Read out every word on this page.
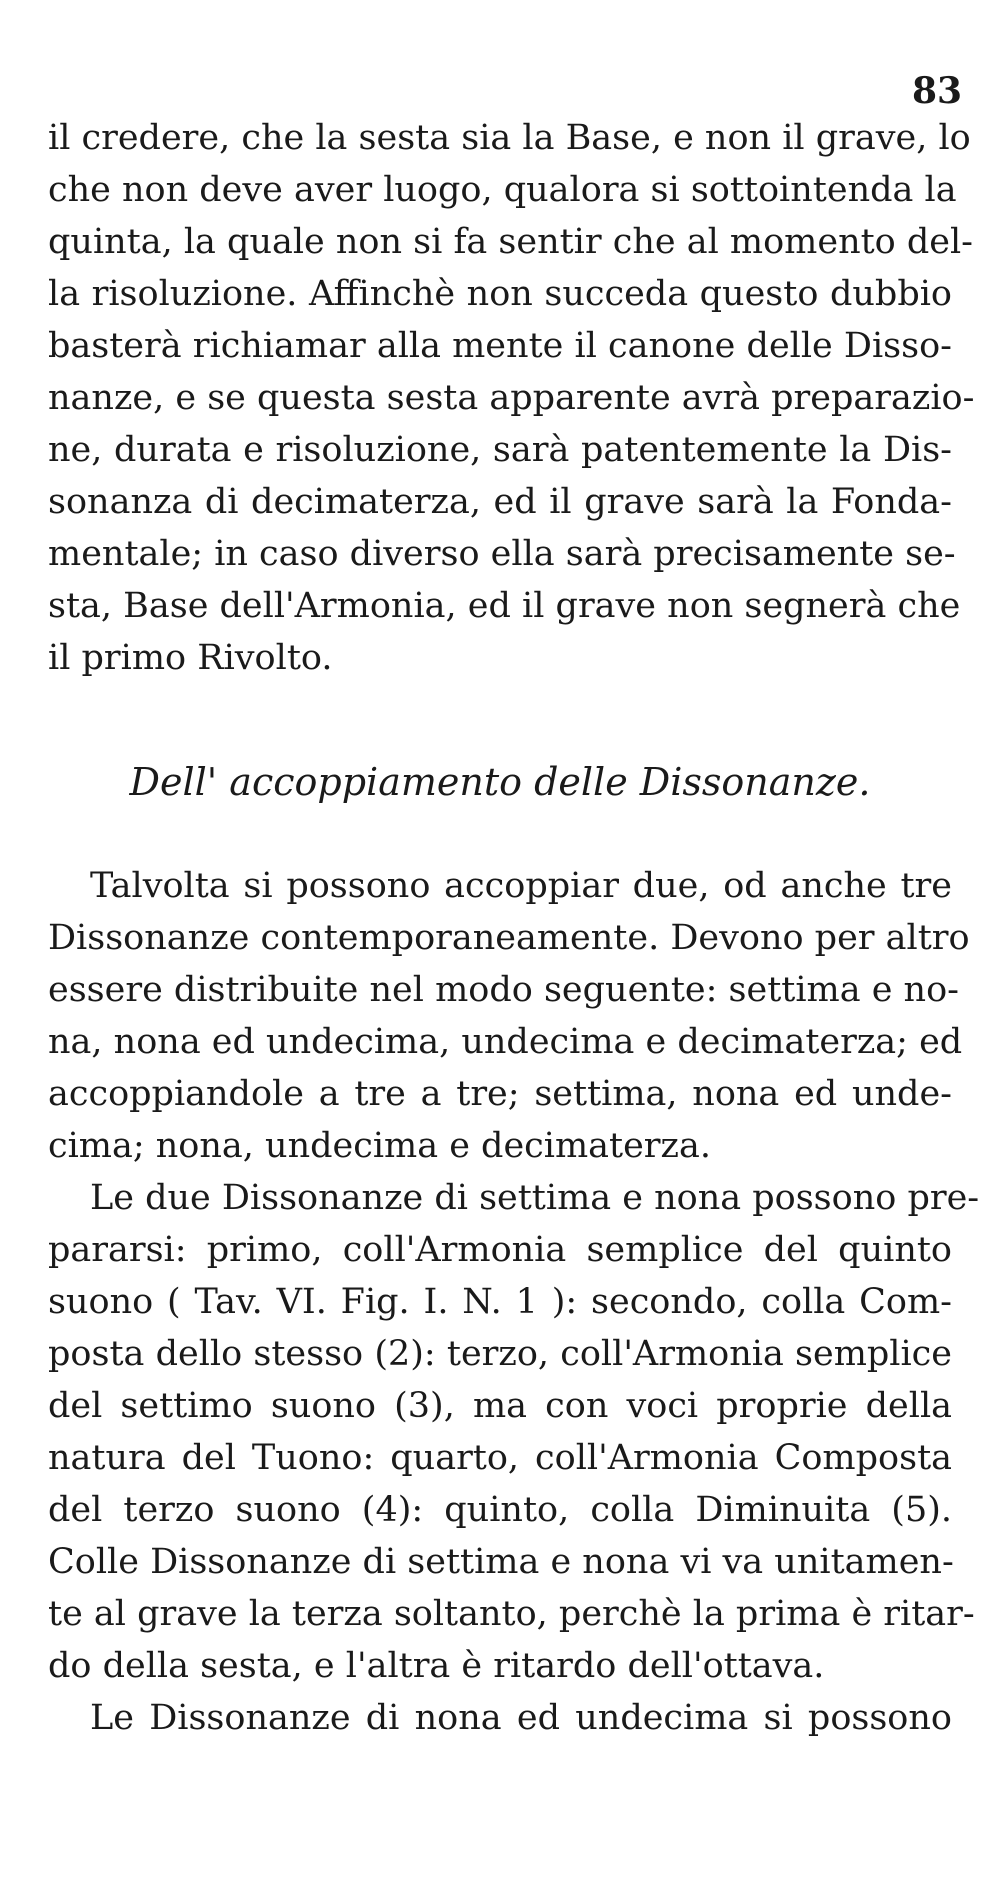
83
il credere, che la sesta sia la Base, e non il grave, lo
che non deve aver luogo, qualora si sottointenda la
quinta, la quale non si fa sentir che al momento del-
la risoluzione. Affinchè non succeda questo dubbio
basterà richiamar alla mente il canone delle Disso-
nanze, e se questa sesta apparente avrà preparazio-
ne, durata e risoluzione, sarà patentemente la Dis-
sonanza di decimaterza, ed il grave sarà la Fonda-
mentale; in caso diverso ella sarà precisamente se-
sta, Base dell'Armonia, ed il grave non segnerà che
il primo Rivolto.
Dell' accoppiamento delle Dissonanze.
Talvolta si possono accoppiar due, od anche tre
Dissonanze contemporaneamente. Devono per altro
essere distribuite nel modo seguente: settima e no-
na, nona ed undecima, undecima e decimaterza; ed
accoppiandole a tre a tre; settima, nona ed unde-
cima; nona, undecima e decimaterza.
Le due Dissonanze di settima e nona possono pre-
pararsi: primo, coll'Armonia semplice del quinto
suono ( Tav. VI. Fig. I. N. 1 ): secondo, colla Com-
posta dello stesso (2): terzo, coll'Armonia semplice
del settimo suono (3), ma con voci proprie della
natura del Tuono: quarto, coll'Armonia Composta
del terzo suono (4): quinto, colla Diminuita (5).
Colle Dissonanze di settima e nona vi va unitamen-
te al grave la terza soltanto, perchè la prima è ritar-
do della sesta, e l'altra è ritardo dell'ottava.
Le Dissonanze di nona ed undecima si possono
